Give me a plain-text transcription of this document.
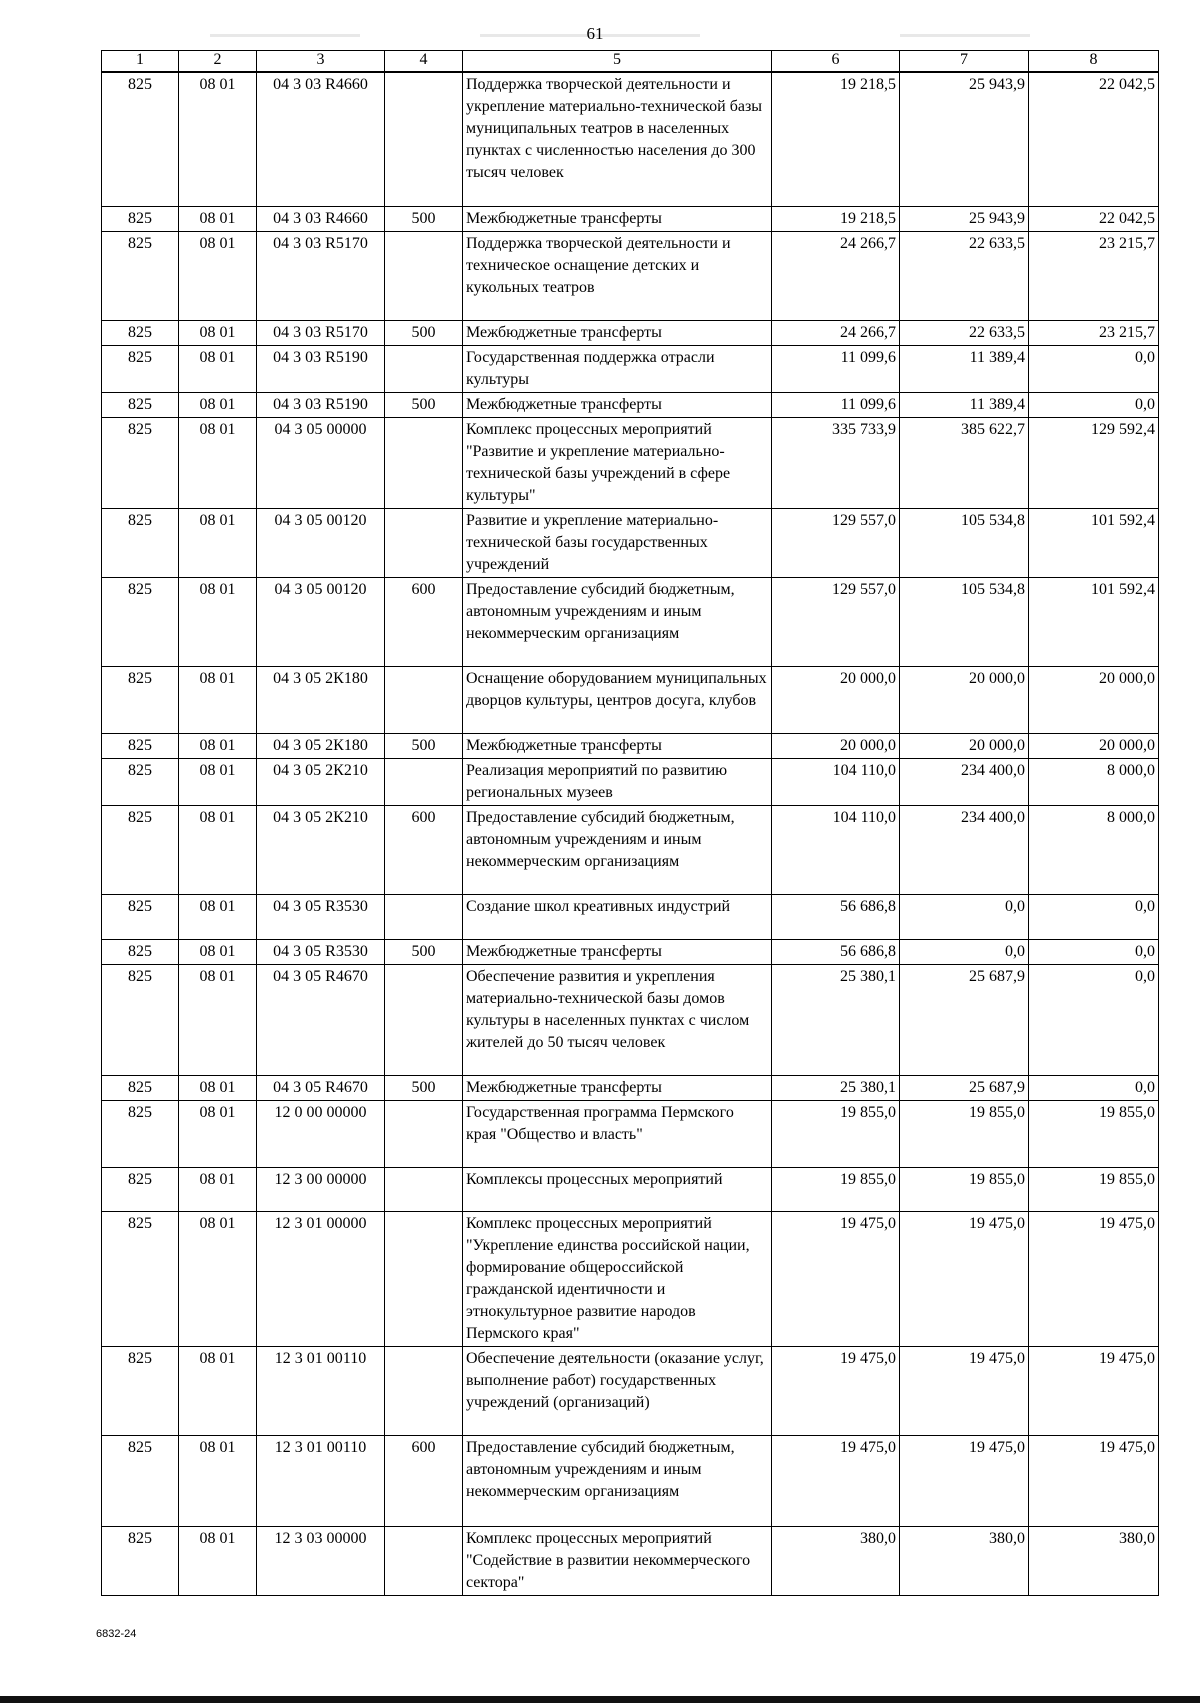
61
1	2	3	4	5	6	7	8
825	08 01	04 3 03 R4660		Поддержка творческой деятельности и укрепление материально-технической базы муниципальных театров в населенных пунктах с численностью населения до 300 тысяч человек	19 218,5	25 943,9	22 042,5
825	08 01	04 3 03 R4660	500	Межбюджетные трансферты	19 218,5	25 943,9	22 042,5
825	08 01	04 3 03 R5170		Поддержка творческой деятельности и техническое оснащение детских и кукольных театров	24 266,7	22 633,5	23 215,7
825	08 01	04 3 03 R5170	500	Межбюджетные трансферты	24 266,7	22 633,5	23 215,7
825	08 01	04 3 03 R5190		Государственная поддержка отрасли культуры	11 099,6	11 389,4	0,0
825	08 01	04 3 03 R5190	500	Межбюджетные трансферты	11 099,6	11 389,4	0,0
825	08 01	04 3 05 00000		Комплекс процессных мероприятий "Развитие и укрепление материально-технической базы учреждений в сфере культуры"	335 733,9	385 622,7	129 592,4
825	08 01	04 3 05 00120		Развитие и укрепление материально-технической базы государственных учреждений	129 557,0	105 534,8	101 592,4
825	08 01	04 3 05 00120	600	Предоставление субсидий бюджетным, автономным учреждениям и иным некоммерческим организациям	129 557,0	105 534,8	101 592,4
825	08 01	04 3 05 2К180		Оснащение оборудованием муниципальных дворцов культуры, центров досуга, клубов	20 000,0	20 000,0	20 000,0
825	08 01	04 3 05 2К180	500	Межбюджетные трансферты	20 000,0	20 000,0	20 000,0
825	08 01	04 3 05 2К210		Реализация мероприятий по развитию региональных музеев	104 110,0	234 400,0	8 000,0
825	08 01	04 3 05 2К210	600	Предоставление субсидий бюджетным, автономным учреждениям и иным некоммерческим организациям	104 110,0	234 400,0	8 000,0
825	08 01	04 3 05 R3530		Создание школ креативных индустрий	56 686,8	0,0	0,0
825	08 01	04 3 05 R3530	500	Межбюджетные трансферты	56 686,8	0,0	0,0
825	08 01	04 3 05 R4670		Обеспечение развития и укрепления материально-технической базы домов культуры в населенных пунктах с числом жителей до 50 тысяч человек	25 380,1	25 687,9	0,0
825	08 01	04 3 05 R4670	500	Межбюджетные трансферты	25 380,1	25 687,9	0,0
825	08 01	12 0 00 00000		Государственная программа Пермского края "Общество и власть"	19 855,0	19 855,0	19 855,0
825	08 01	12 3 00 00000		Комплексы процессных мероприятий	19 855,0	19 855,0	19 855,0
825	08 01	12 3 01 00000		Комплекс процессных мероприятий "Укрепление единства российской нации, формирование общероссийской гражданской идентичности и этнокультурное развитие народов Пермского края"	19 475,0	19 475,0	19 475,0
825	08 01	12 3 01 00110		Обеспечение деятельности (оказание услуг, выполнение работ) государственных учреждений (организаций)	19 475,0	19 475,0	19 475,0
825	08 01	12 3 01 00110	600	Предоставление субсидий бюджетным, автономным учреждениям и иным некоммерческим организациям	19 475,0	19 475,0	19 475,0
825	08 01	12 3 03 00000		Комплекс процессных мероприятий "Содействие в развитии некоммерческого сектора"	380,0	380,0	380,0
6832-24
